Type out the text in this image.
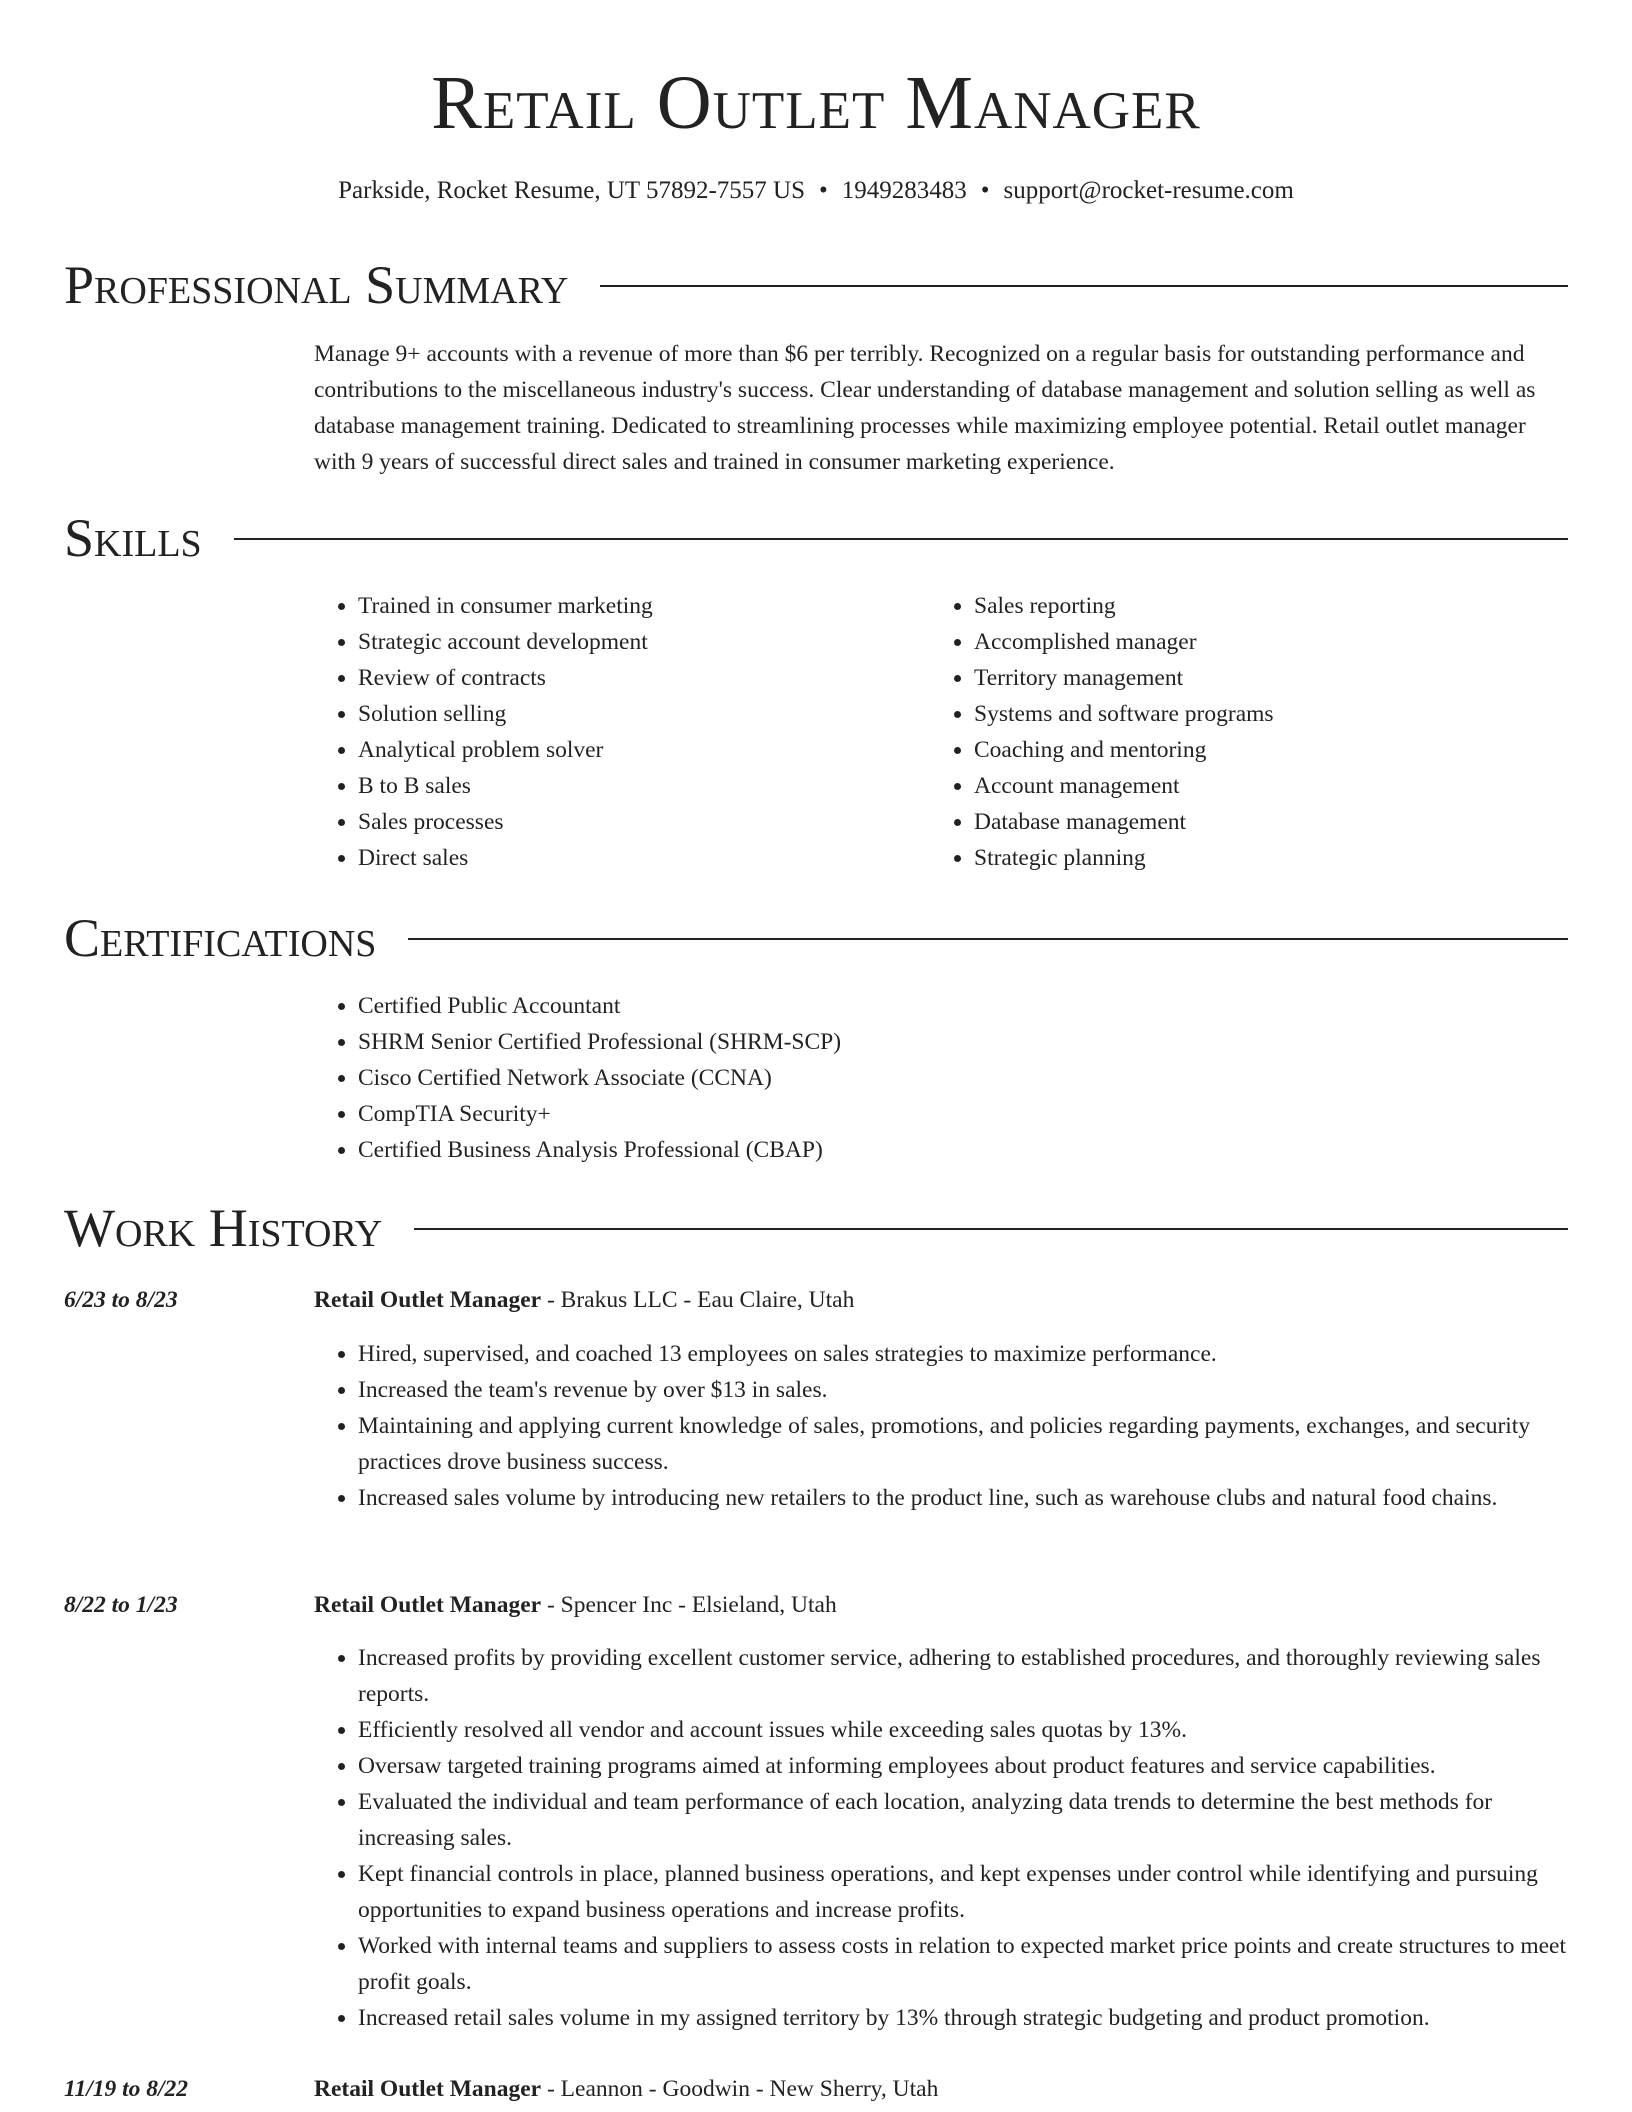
Retail Outlet Manager
Parkside, Rocket Resume, UT 57892-7557 US • 1949283483 • support@rocket-resume.com
Professional Summary

Manage 9+ accounts with a revenue of more than $6 per terribly. Recognized on a regular basis for outstanding performance and contributions to the miscellaneous industry's success. Clear understanding of database management and solution selling as well as database management training. Dedicated to streamlining processes while maximizing employee potential. Retail outlet manager with 9 years of successful direct sales and trained in consumer marketing experience.

Skills
• Trained in consumer marketing
• Strategic account development
• Review of contracts
• Solution selling
• Analytical problem solver
• B to B sales
• Sales processes
• Direct sales
• Sales reporting
• Accomplished manager
• Territory management
• Systems and software programs
• Coaching and mentoring
• Account management
• Database management
• Strategic planning
Certifications
• Certified Public Accountant
• SHRM Senior Certified Professional (SHRM-SCP)
• Cisco Certified Network Associate (CCNA)
• CompTIA Security+
• Certified Business Analysis Professional (CBAP)
Work History
6/23 to 8/23	Retail Outlet Manager - Brakus LLC - Eau Claire, Utah
• Hired, supervised, and coached 13 employees on sales strategies to maximize performance.
• Increased the team's revenue by over $13 in sales.
• Maintaining and applying current knowledge of sales, promotions, and policies regarding payments, exchanges, and security practices drove business success.
• Increased sales volume by introducing new retailers to the product line, such as warehouse clubs and natural food chains.
8/22 to 1/23	Retail Outlet Manager - Spencer Inc - Elsieland, Utah
• Increased profits by providing excellent customer service, adhering to established procedures, and thoroughly reviewing sales reports.
• Efficiently resolved all vendor and account issues while exceeding sales quotas by 13%.
• Oversaw targeted training programs aimed at informing employees about product features and service capabilities.
• Evaluated the individual and team performance of each location, analyzing data trends to determine the best methods for increasing sales.
• Kept financial controls in place, planned business operations, and kept expenses under control while identifying and pursuing opportunities to expand business operations and increase profits.
• Worked with internal teams and suppliers to assess costs in relation to expected market price points and create structures to meet profit goals.
• Increased retail sales volume in my assigned territory by 13% through strategic budgeting and product promotion.
11/19 to 8/22	Retail Outlet Manager - Leannon - Goodwin - New Sherry, Utah
